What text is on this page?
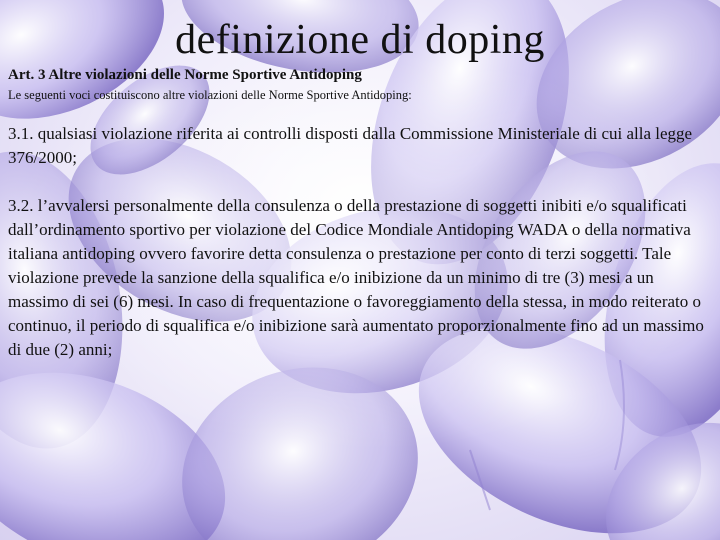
definizione di doping

Art. 3 Altre violazioni delle Norme Sportive Antidoping

Le seguenti voci costituiscono altre violazioni delle Norme Sportive Antidoping:

3.1. qualsiasi violazione riferita ai controlli disposti dalla Commissione Ministeriale di cui alla legge 376/2000;

3.2. l’avvalersi personalmente della consulenza o della prestazione di soggetti inibiti e/o squalificati dall’ordinamento sportivo per violazione del Codice Mondiale Antidoping WADA o della normativa italiana antidoping ovvero favorire detta consulenza o prestazione per conto di terzi soggetti. Tale violazione prevede la sanzione della squalifica e/o inibizione da un minimo di tre (3) mesi a un massimo di sei (6) mesi. In caso di frequentazione o favoreggiamento della stessa, in modo reiterato o continuo, il periodo di squalifica e/o inibizione sarà aumentato proporzionalmente fino ad un massimo di due (2) anni;
